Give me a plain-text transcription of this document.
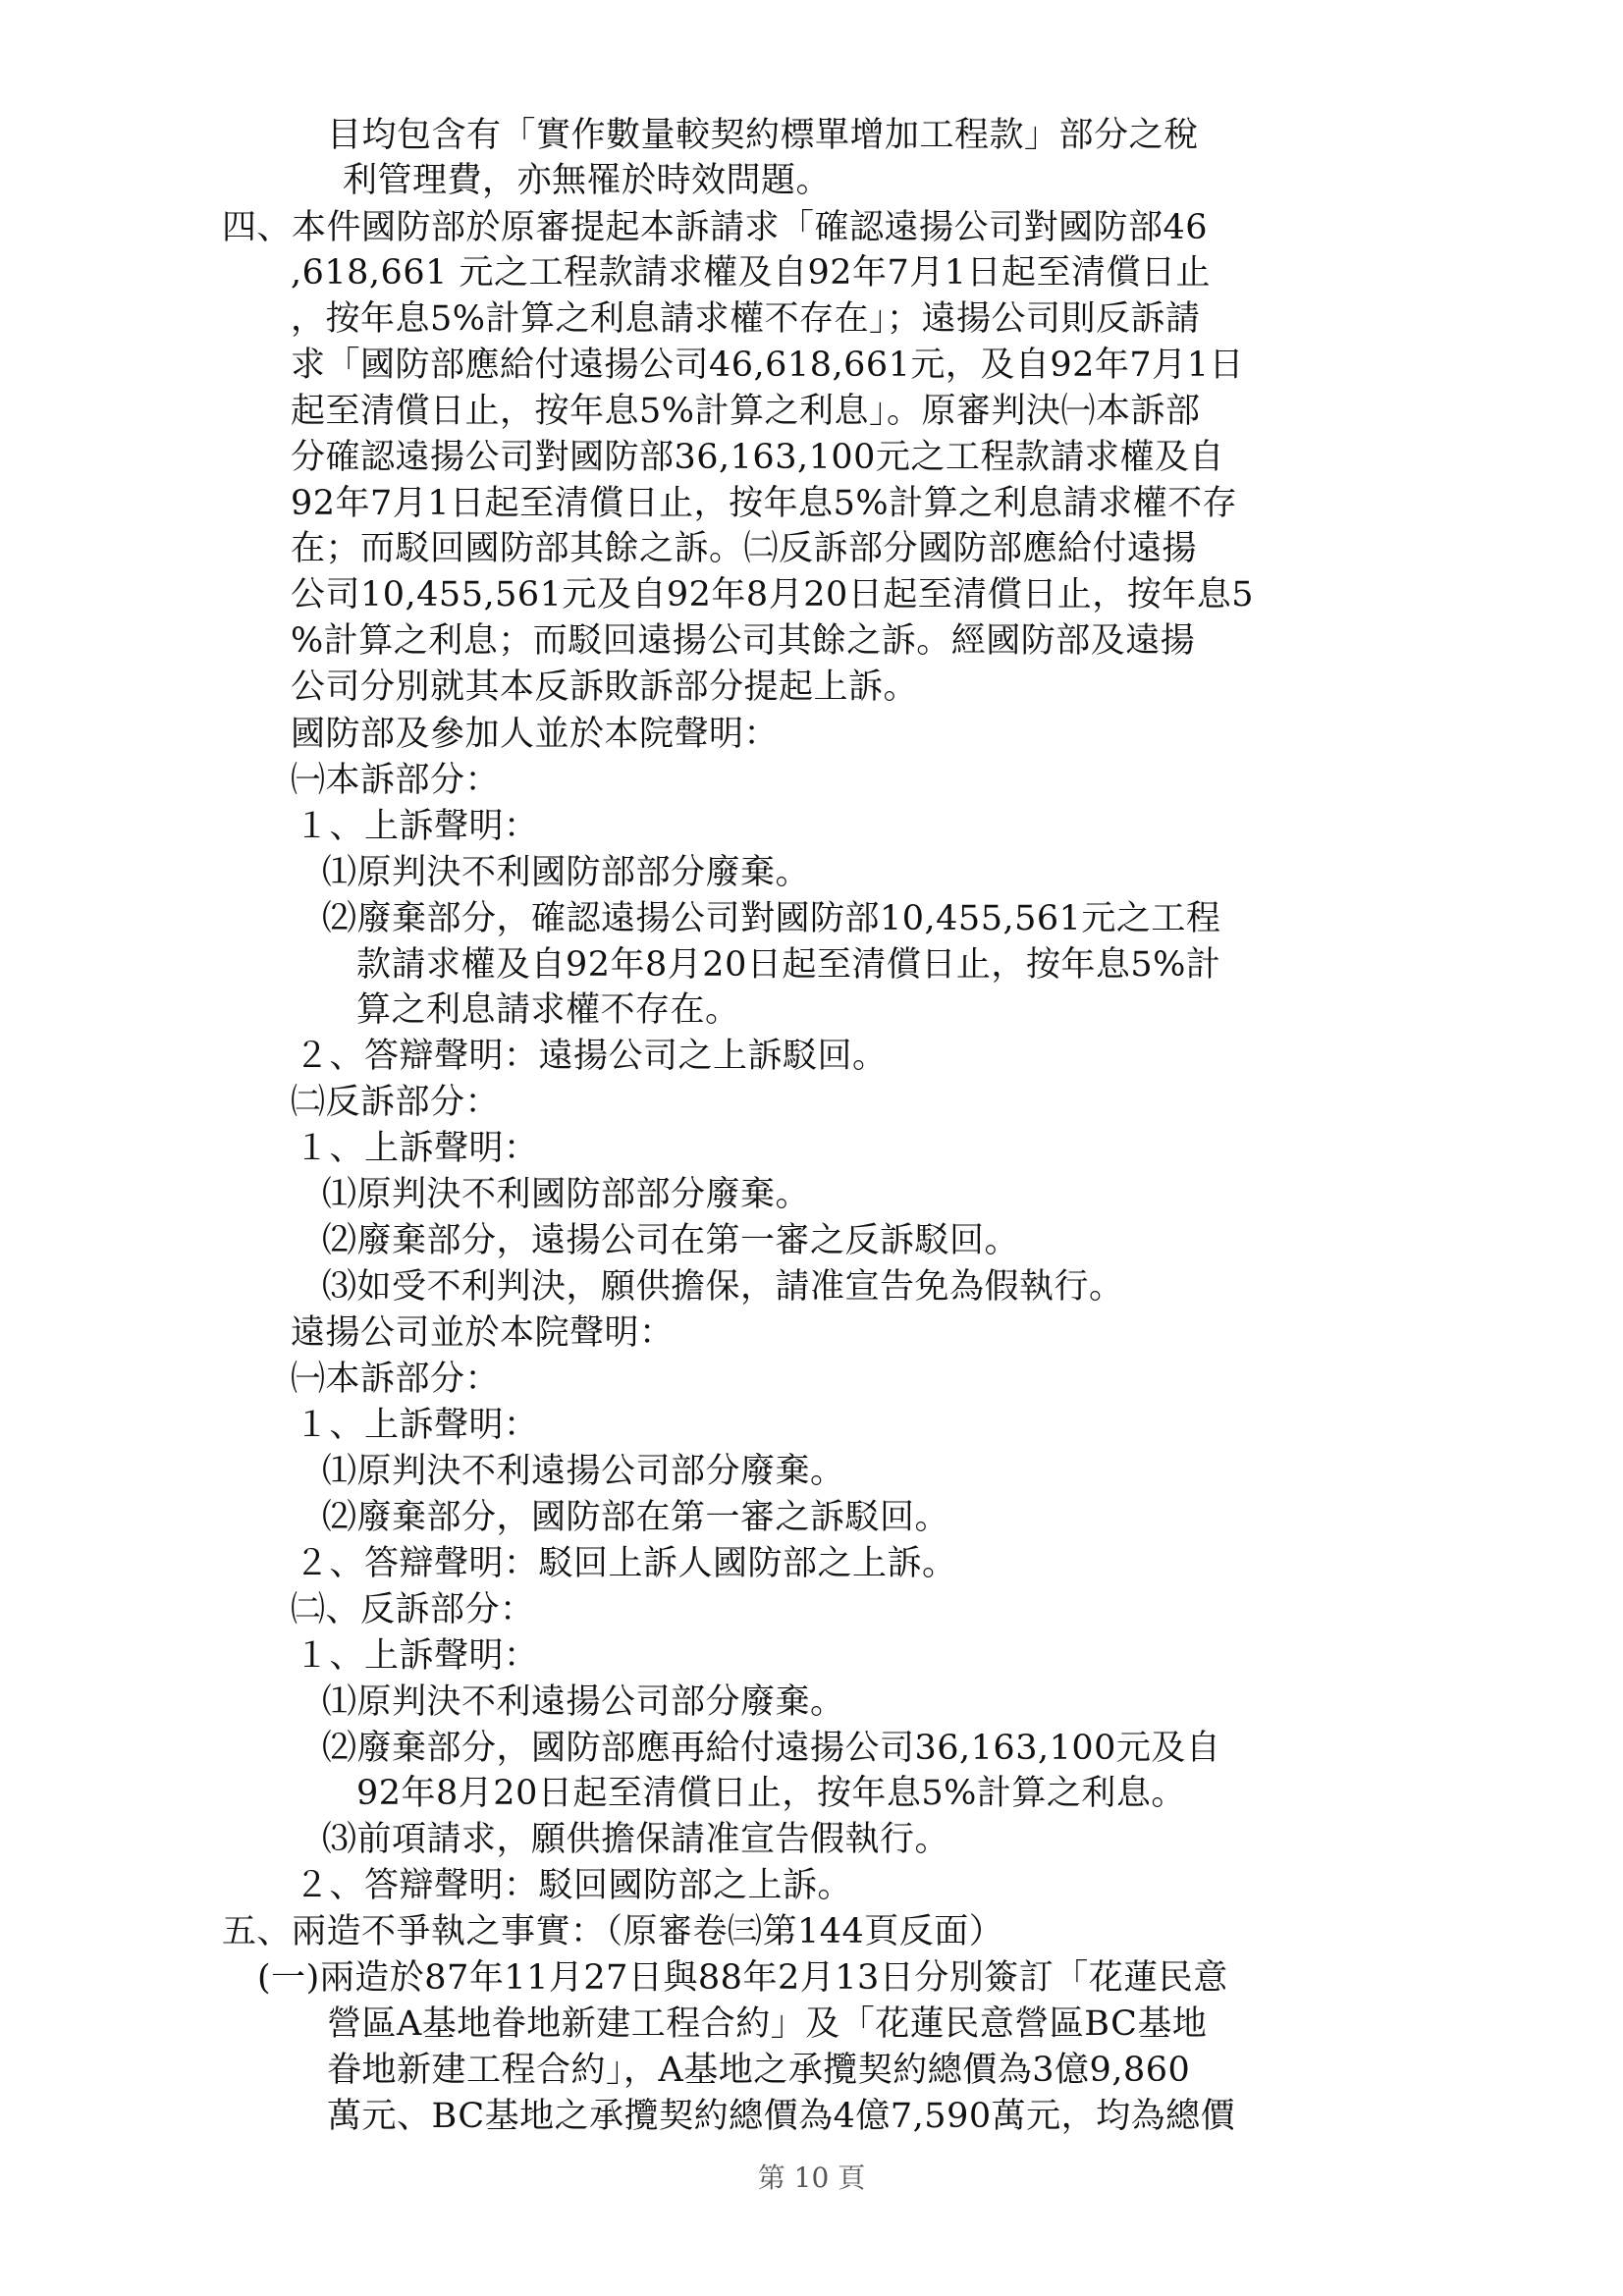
目均包含有「實作數量較契約標單增加工程款」部分之稅
利管理費，亦無罹於時效問題。
四、本件國防部於原審提起本訴請求「確認遠揚公司對國防部46
,618,661 元之工程款請求權及自92年7月1日起至清償日止
，按年息5%計算之利息請求權不存在」；遠揚公司則反訴請
求「國防部應給付遠揚公司46,618,661元，及自92年7月1日
起至清償日止，按年息5%計算之利息」。原審判決㈠本訴部
分確認遠揚公司對國防部36,163,100元之工程款請求權及自
92年7月1日起至清償日止，按年息5%計算之利息請求權不存
在；而駁回國防部其餘之訴。㈡反訴部分國防部應給付遠揚
公司10,455,561元及自92年8月20日起至清償日止，按年息5
%計算之利息；而駁回遠揚公司其餘之訴。經國防部及遠揚
公司分別就其本反訴敗訴部分提起上訴。
國防部及參加人並於本院聲明：
㈠本訴部分：
１、上訴聲明：
⑴原判決不利國防部部分廢棄。
⑵廢棄部分，確認遠揚公司對國防部10,455,561元之工程
款請求權及自92年8月20日起至清償日止，按年息5%計
算之利息請求權不存在。
２、答辯聲明：遠揚公司之上訴駁回。
㈡反訴部分：
１、上訴聲明：
⑴原判決不利國防部部分廢棄。
⑵廢棄部分，遠揚公司在第一審之反訴駁回。
⑶如受不利判決，願供擔保，請准宣告免為假執行。
遠揚公司並於本院聲明：
㈠本訴部分：
１、上訴聲明：
⑴原判決不利遠揚公司部分廢棄。
⑵廢棄部分，國防部在第一審之訴駁回。
２、答辯聲明：駁回上訴人國防部之上訴。
㈡、反訴部分：
１、上訴聲明：
⑴原判決不利遠揚公司部分廢棄。
⑵廢棄部分，國防部應再給付遠揚公司36,163,100元及自
92年8月20日起至清償日止，按年息5%計算之利息。
⑶前項請求，願供擔保請准宣告假執行。
２、答辯聲明：駁回國防部之上訴。
五、兩造不爭執之事實：（原審卷㈢第144頁反面）
(一)兩造於87年11月27日與88年2月13日分別簽訂「花蓮民意
營區A基地眷地新建工程合約」及「花蓮民意營區BC基地
眷地新建工程合約」，A基地之承攬契約總價為3億9,860
萬元、BC基地之承攬契約總價為4億7,590萬元，均為總價
第 10 頁
